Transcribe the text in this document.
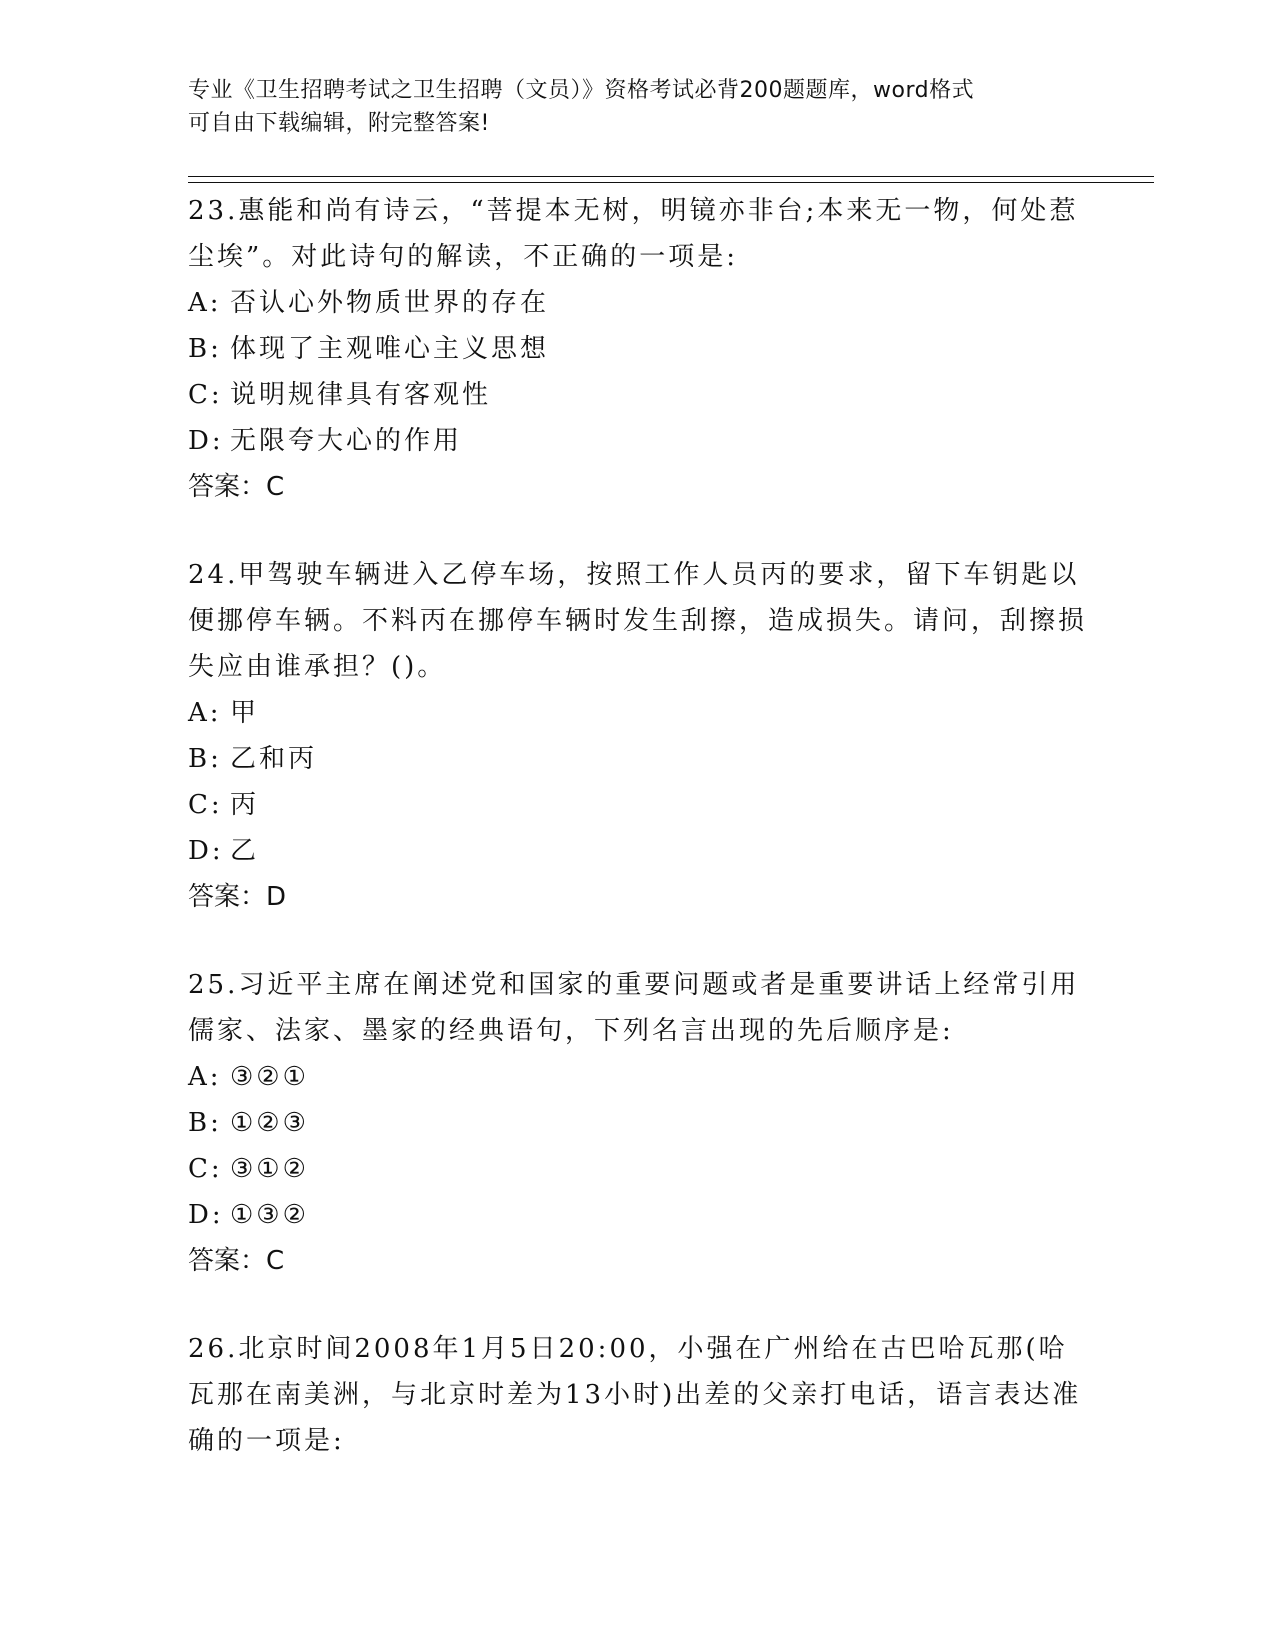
专业《卫生招聘考试之卫生招聘（文员）》资格考试必背200题题库，word格式
可自由下载编辑，附完整答案!

23.惠能和尚有诗云，“菩提本无树，明镜亦非台;本来无一物，何处惹尘埃”。对此诗句的解读，不正确的一项是:

A: 否认心外物质世界的存在

B: 体现了主观唯心主义思想

C: 说明规律具有客观性

D: 无限夸大心的作用

答案：C

24.甲驾驶车辆进入乙停车场，按照工作人员丙的要求，留下车钥匙以便挪停车辆。不料丙在挪停车辆时发生刮擦，造成损失。请问，刮擦损失应由谁承担？()。

A: 甲

B: 乙和丙

C: 丙

D: 乙

答案：D

25.习近平主席在阐述党和国家的重要问题或者是重要讲话上经常引用儒家、法家、墨家的经典语句，下列名言出现的先后顺序是:

A: ③②①

B: ①②③

C: ③①②

D: ①③②

答案：C

26.北京时间2008年1月5日20:00，小强在广州给在古巴哈瓦那(哈瓦那在南美洲，与北京时差为13小时)出差的父亲打电话，语言表达准确的一项是:
